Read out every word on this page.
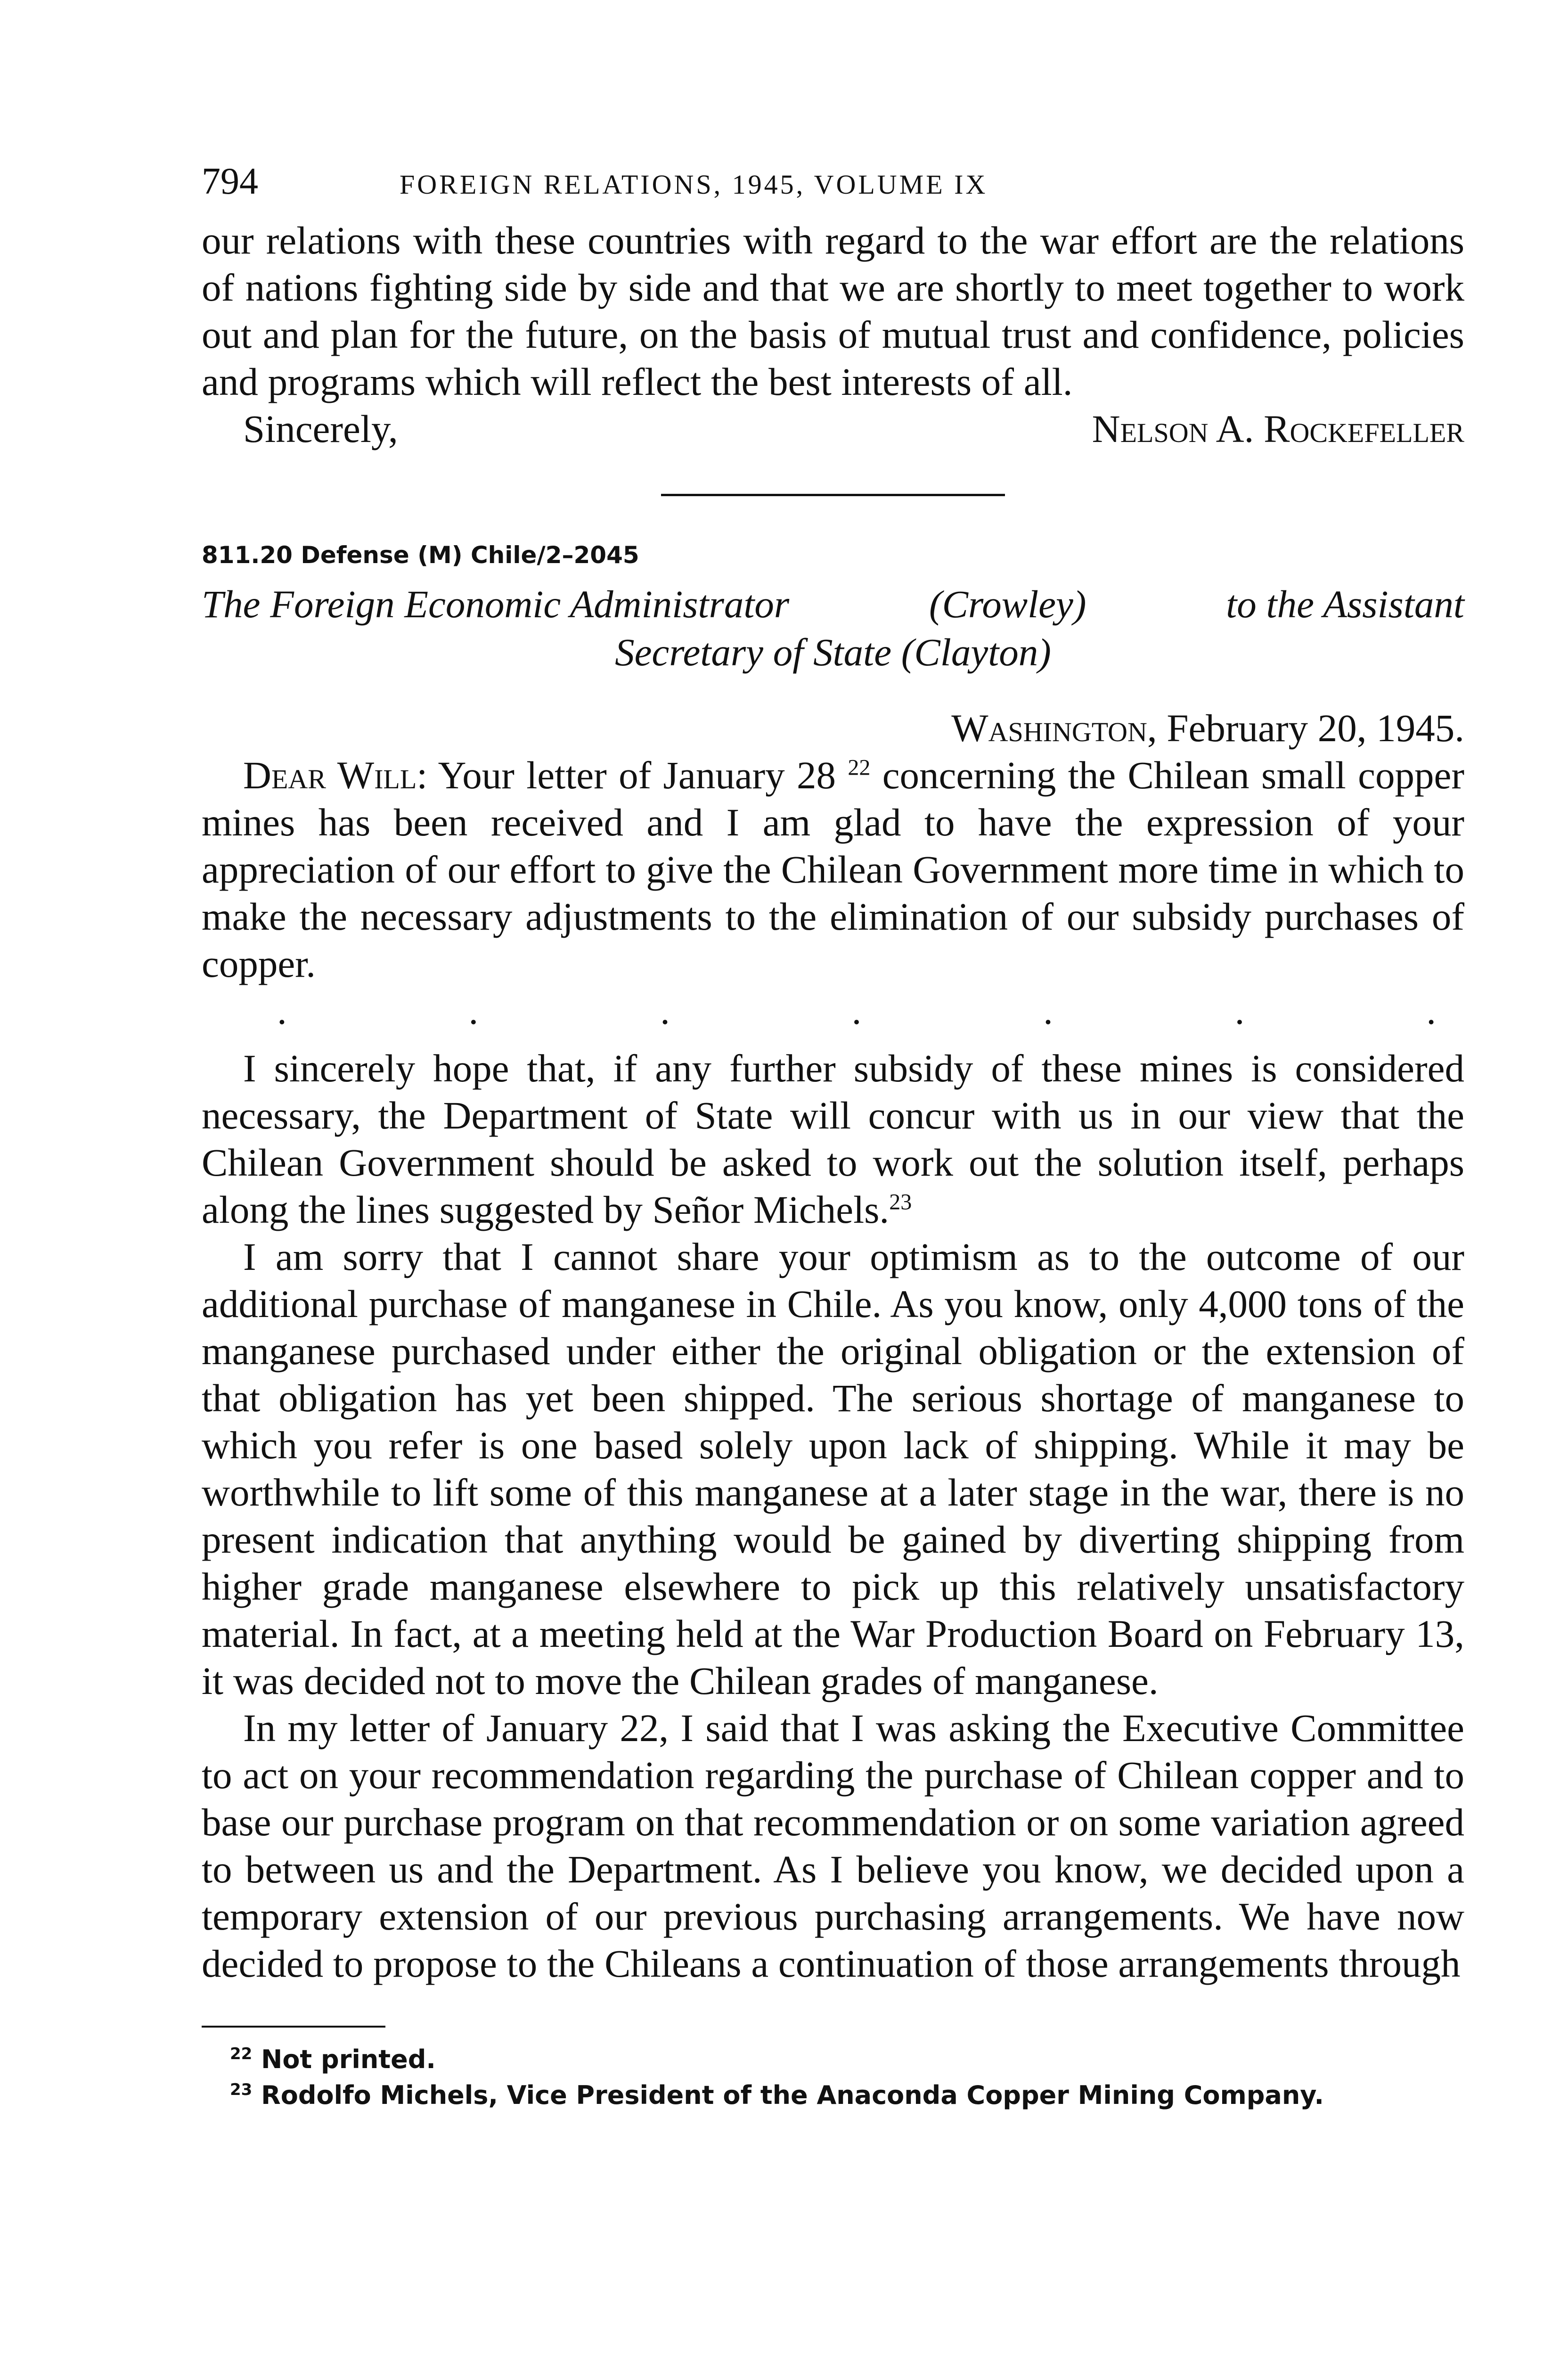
794	FOREIGN RELATIONS, 1945, VOLUME IX

our relations with these countries with regard to the war effort are the relations of nations fighting side by side and that we are shortly to meet together to work out and plan for the future, on the basis of mutual trust and confidence, policies and programs which will reflect the best interests of all.

Sincerely,	Nelson A. Rockefeller
811.20 Defense (M) Chile/2–2045
The Foreign Economic Administrator	(Crowley)	to the Assistant
Secretary of State (Clayton)
Washington, February 20, 1945.

Dear Will: Your letter of January 28 $^{22}$ concerning the Chilean small copper mines has been received and I am glad to have the expression of your appreciation of our effort to give the Chilean Government more time in which to make the necessary adjustments to the elimination of our subsidy purchases of copper.

.	.	.	.	.	.	.

I sincerely hope that, if any further subsidy of these mines is considered necessary, the Department of State will concur with us in our view that the Chilean Government should be asked to work out the solution itself, perhaps along the lines suggested by Señor Michels.$^{23}$

I am sorry that I cannot share your optimism as to the outcome of our additional purchase of manganese in Chile. As you know, only 4,000 tons of the manganese purchased under either the original obligation or the extension of that obligation has yet been shipped. The serious shortage of manganese to which you refer is one based solely upon lack of shipping. While it may be worthwhile to lift some of this manganese at a later stage in the war, there is no present indication that anything would be gained by diverting shipping from higher grade manganese elsewhere to pick up this relatively unsatisfactory material. In fact, at a meeting held at the War Production Board on February 13, it was decided not to move the Chilean grades of manganese.

In my letter of January 22, I said that I was asking the Executive Committee to act on your recommendation regarding the purchase of Chilean copper and to base our purchase program on that recommendation or on some variation agreed to between us and the Department. As I believe you know, we decided upon a temporary extension of our previous purchasing arrangements. We have now decided to propose to the Chileans a continuation of those arrangements through

$^{22}$ Not printed.
$^{23}$ Rodolfo Michels, Vice President of the Anaconda Copper Mining Company.
